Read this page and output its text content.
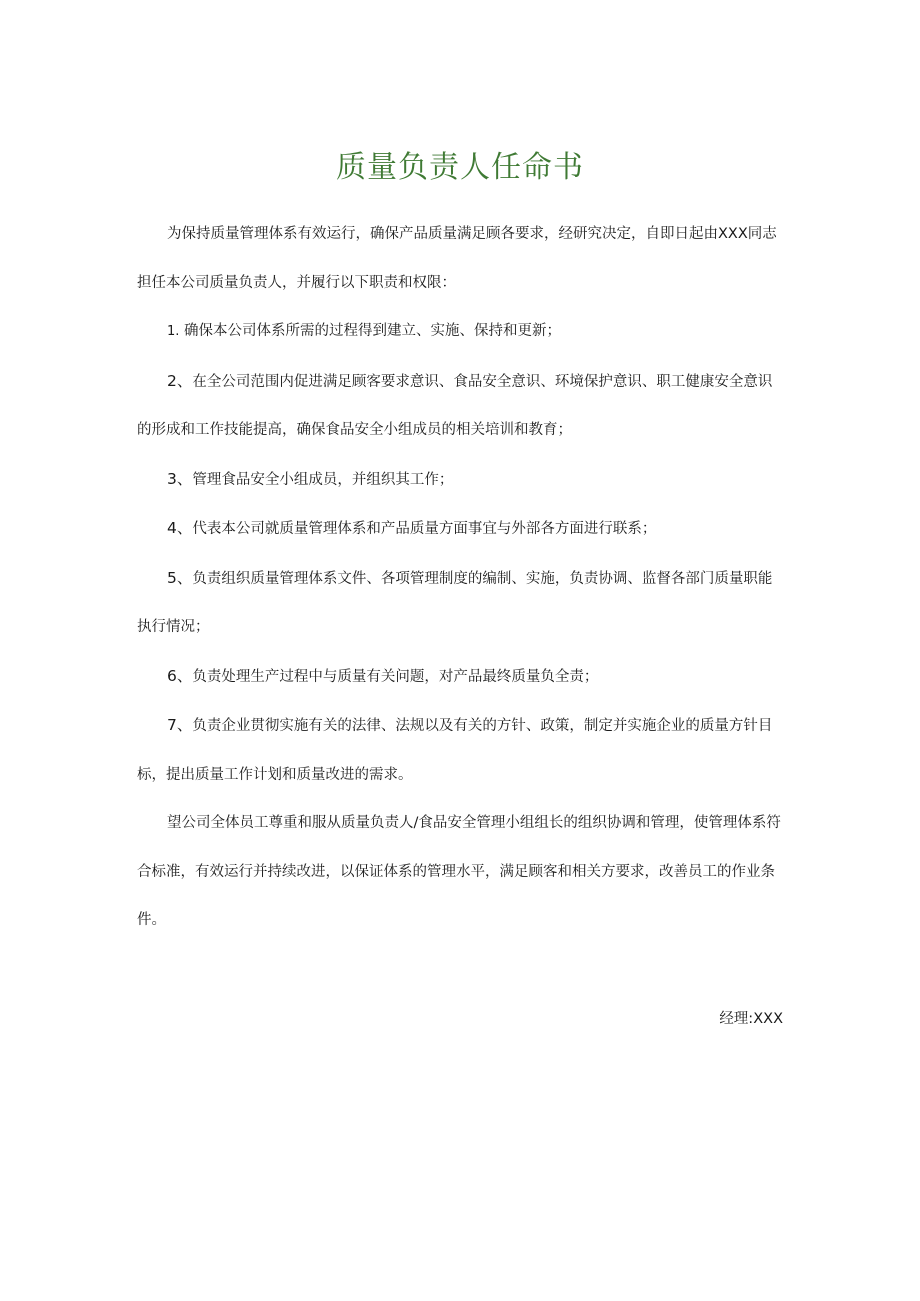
质量负责人任命书

为保持质量管理体系有效运行，确保产品质量满足顾各要求，经研究决定，自即日起由XXX同志担任本公司质量负责人，并履行以下职责和权限：

1. 确保本公司体系所需的过程得到建立、实施、保持和更新；

2、在全公司范围内促进满足顾客要求意识、食品安全意识、环境保护意识、职工健康安全意识的形成和工作技能提高，确保食品安全小组成员的相关培训和教育；

3、管理食品安全小组成员，并组织其工作；

4、代表本公司就质量管理体系和产品质量方面事宜与外部各方面进行联系；

5、负责组织质量管理体系文件、各项管理制度的编制、实施，负责协调、监督各部门质量职能执行情况；

6、负责处理生产过程中与质量有关问题，对产品最终质量负全责；

7、负责企业贯彻实施有关的法律、法规以及有关的方针、政策，制定并实施企业的质量方针目标，提出质量工作计划和质量改进的需求。

望公司全体员工尊重和服从质量负责人/食品安全管理小组组长的组织协调和管理，使管理体系符合标准，有效运行并持续改进，以保证体系的管理水平，满足顾客和相关方要求，改善员工的作业条件。

经理:XXX
